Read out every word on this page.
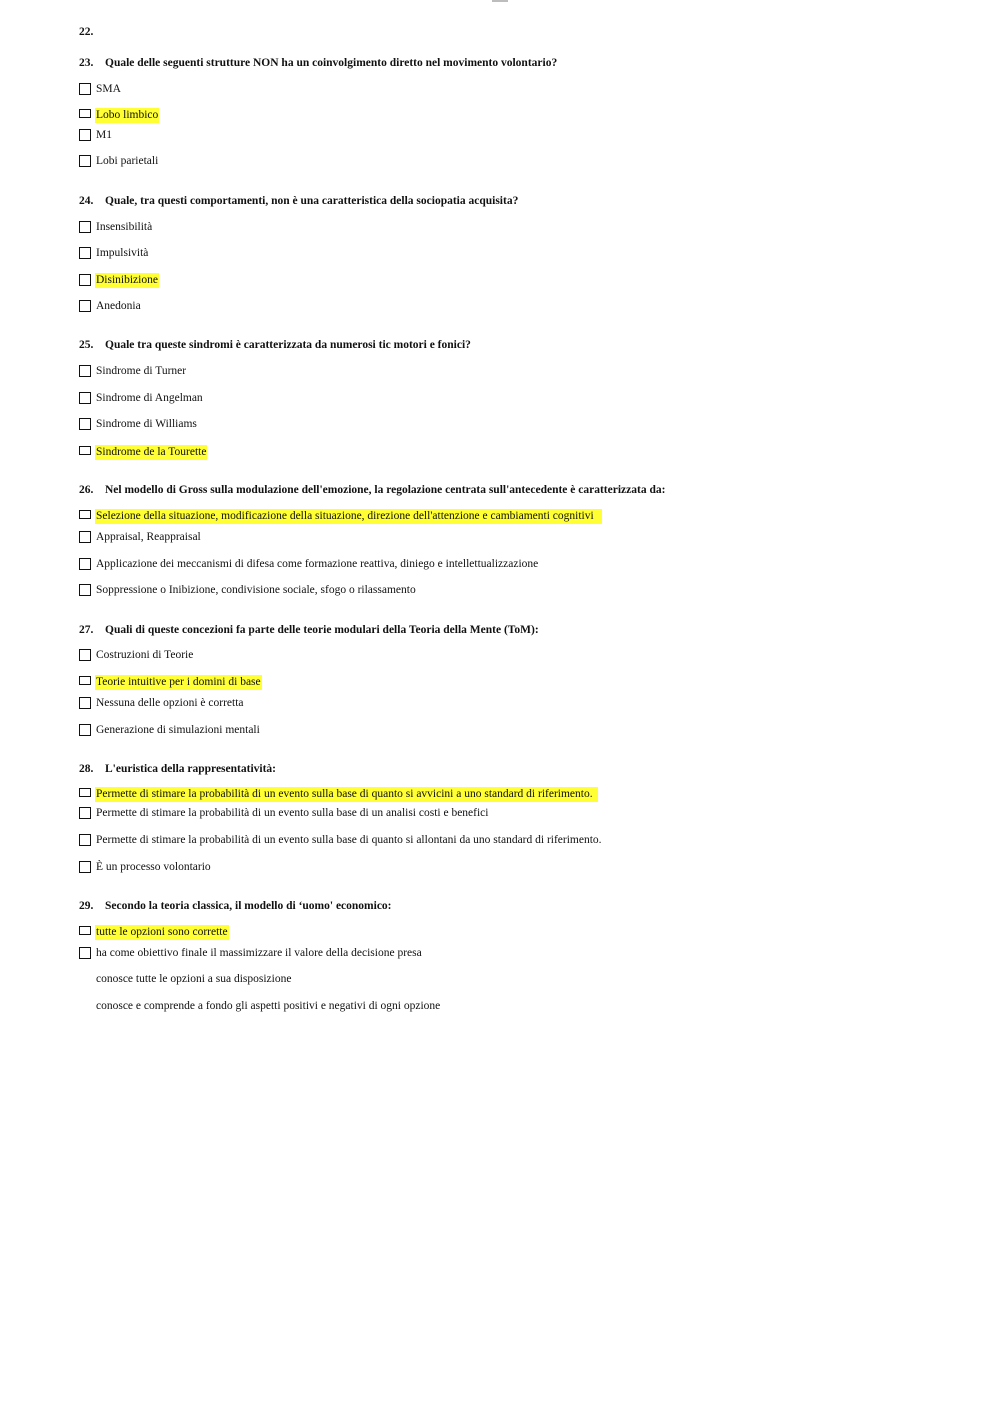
22.
23. Quale delle seguenti strutture NON ha un coinvolgimento diretto nel movimento volontario?
SMA
Lobo limbico
M1
Lobi parietali
24. Quale, tra questi comportamenti, non è una caratteristica della sociopatia acquisita?
Insensibilità
Impulsività
Disinibizione
Anedonia
25. Quale tra queste sindromi è caratterizzata da numerosi tic motori e fonici?
Sindrome di Turner
Sindrome di Angelman
Sindrome di Williams
Sindrome de la Tourette
26. Nel modello di Gross sulla modulazione dell'emozione, la regolazione centrata sull'antecedente è caratterizzata da:
Selezione della situazione, modificazione della situazione, direzione dell'attenzione e cambiamenti cognitivi
Appraisal, Reappraisal
Applicazione dei meccanismi di difesa come formazione reattiva, diniego e intellettualizzazione
Soppressione o Inibizione, condivisione sociale, sfogo o rilassamento
27. Quali di queste concezioni fa parte delle teorie modulari della Teoria della Mente (ToM):
Costruzioni di Teorie
Teorie intuitive per i domini di base
Nessuna delle opzioni è corretta
Generazione di simulazioni mentali
28. L'euristica della rappresentatività:
Permette di stimare la probabilità di un evento sulla base di quanto si avvicini a uno standard di riferimento.
Permette di stimare la probabilità di un evento sulla base di un analisi costi e benefici
Permette di stimare la probabilità di un evento sulla base di quanto si allontani da uno standard di riferimento.
È un processo volontario
29. Secondo la teoria classica, il modello di ‘uomo' economico:
tutte le opzioni sono corrette
ha come obiettivo finale il massimizzare il valore della decisione presa
conosce tutte le opzioni a sua disposizione
conosce e comprende a fondo gli aspetti positivi e negativi di ogni opzione
